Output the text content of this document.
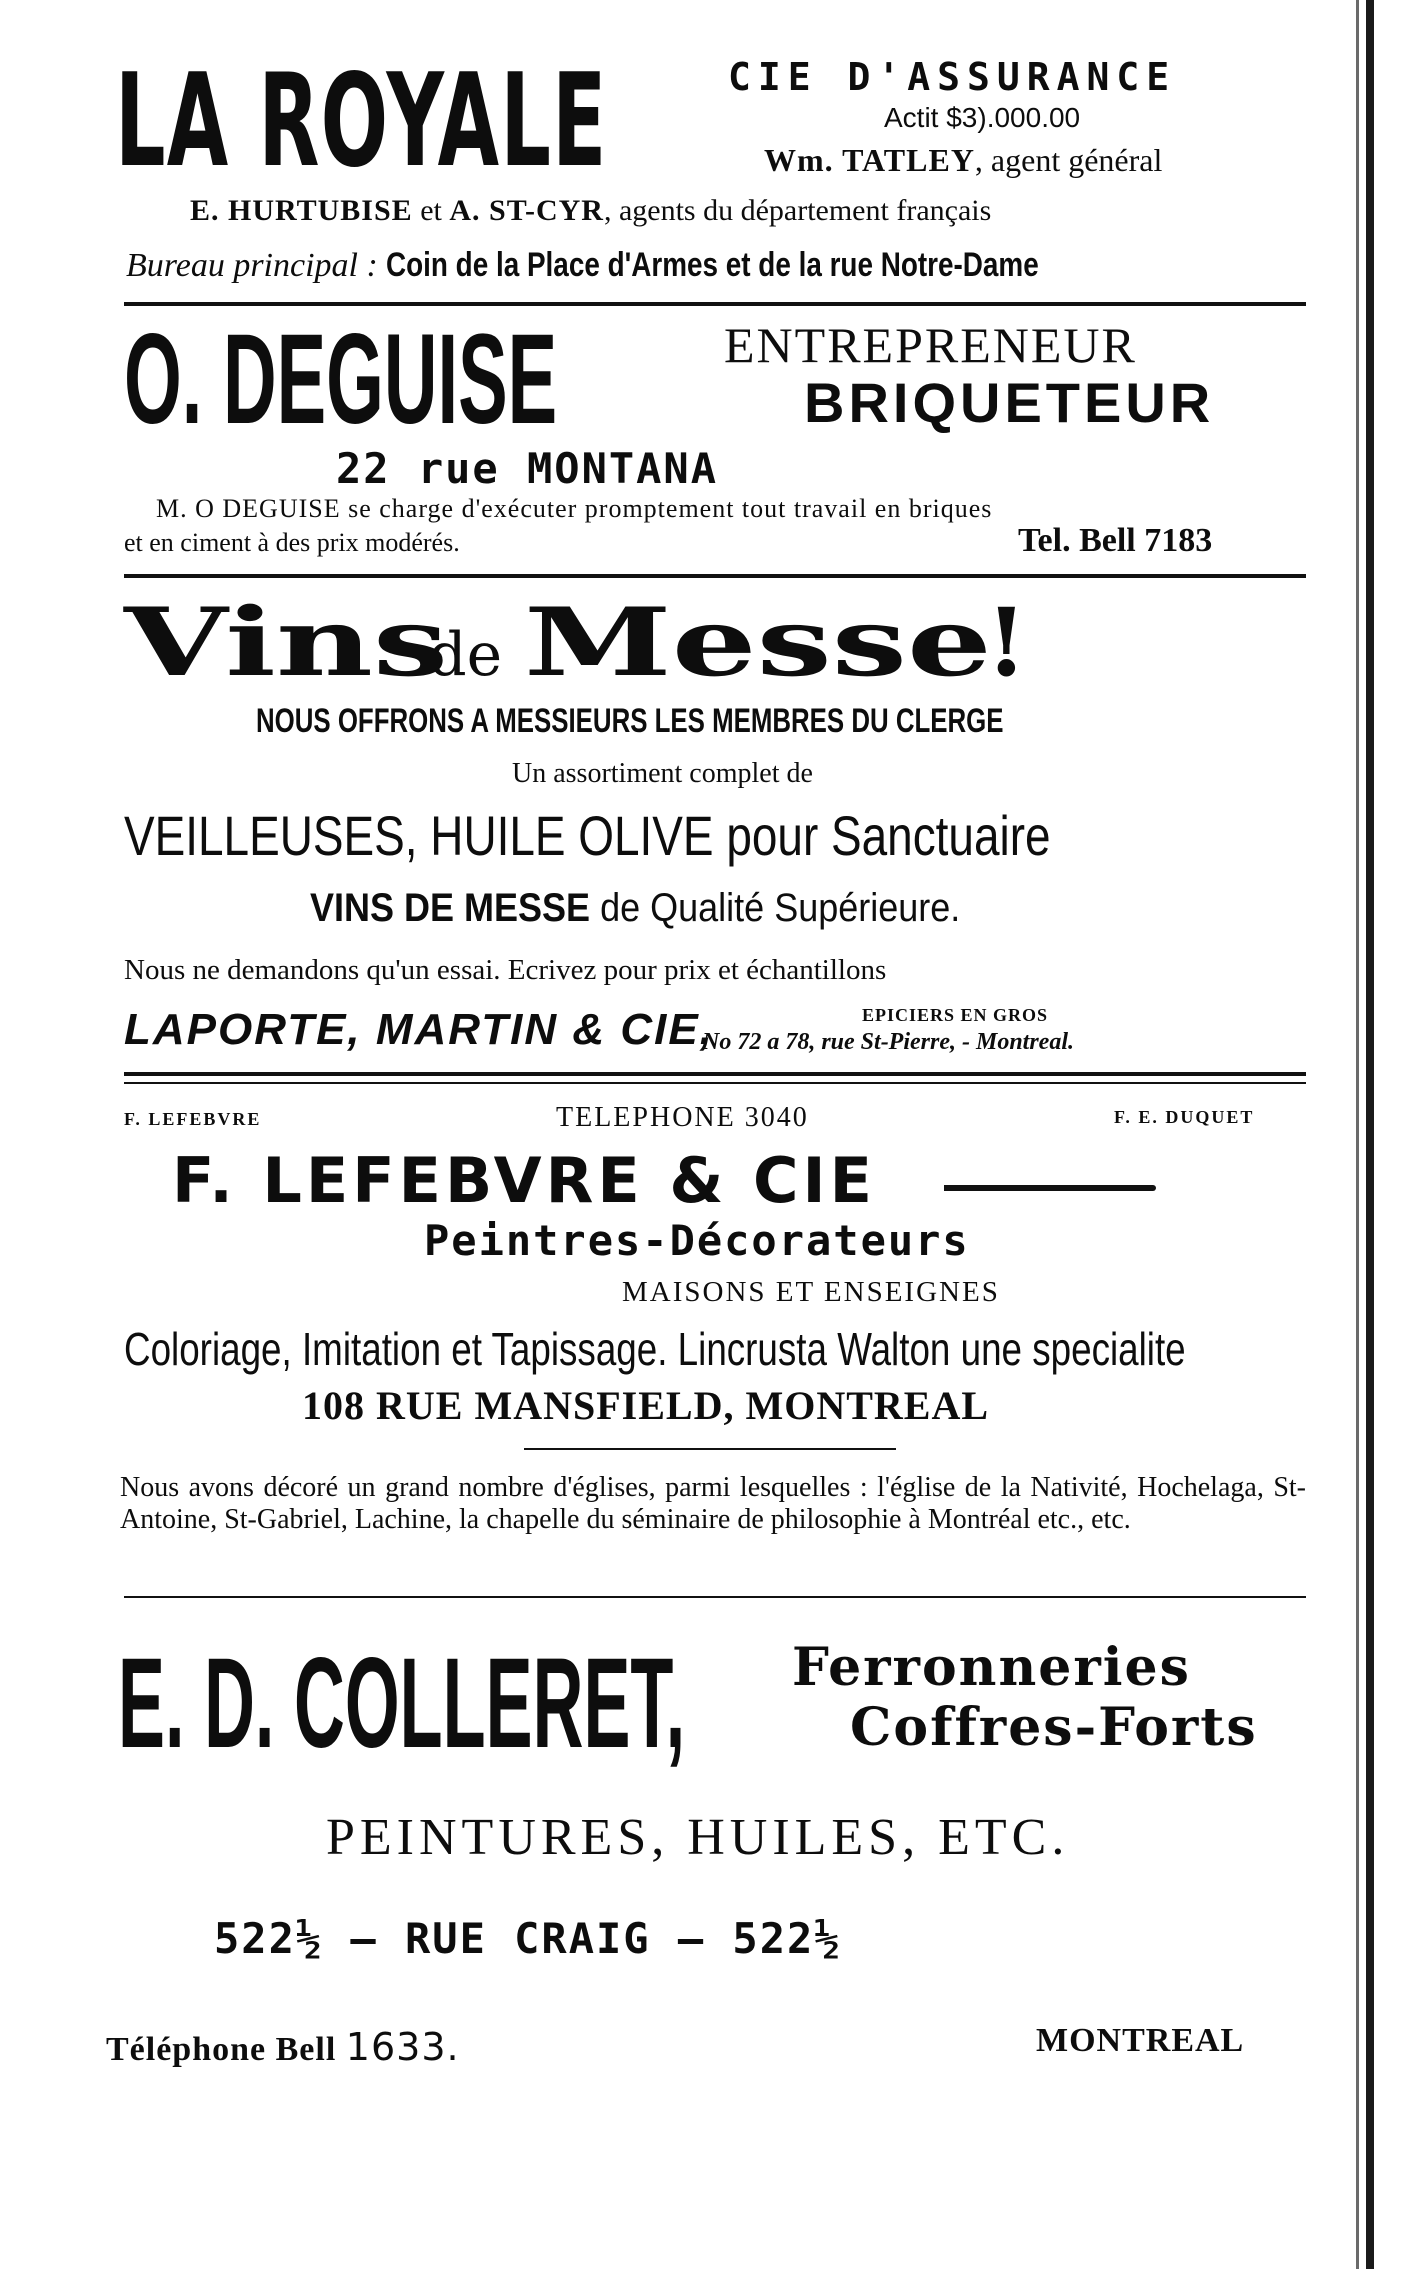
LA ROYALE	CIE D'ASSURANCE
Actit $3).000.00
Wm. TATLEY, agent général
E. HURTUBISE et A. ST-CYR, agents du département français
Bureau principal : Coin de la Place d'Armes et de la rue Notre-Dame
O. DEGUISE	ENTREPRENEUR
BRIQUETEUR
22 rue MONTANA
M. O DEGUISE se charge d'exécuter promptement tout travail en briques
et en ciment à des prix modérés.	Tel. Bell 7183
Vinsde Messe!
NOUS OFFRONS A MESSIEURS LES MEMBRES DU CLERGE
Un assortiment complet de
VEILLEUSES, HUILE OLIVE pour Sanctuaire
VINS DE MESSE de Qualité Supérieure.
Nous ne demandons qu'un essai. Ecrivez pour prix et échantillons
LAPORTE, MARTIN & CIE,	EPICIERS EN GROS
No 72 a 78, rue St-Pierre, - Montreal.
F. LEFEBVRE	TELEPHONE 3040	F. E. DUQUET
F. LEFEBVRE & CIE
Peintres-Décorateurs
MAISONS ET ENSEIGNES
Coloriage, Imitation et Tapissage. Lincrusta Walton une specialite
108 RUE MANSFIELD, MONTREAL
Nous avons décoré un grand nombre d'églises, parmi lesquelles : l'église de la Nativité, Hochelaga, St-Antoine, St-Gabriel, Lachine, la chapelle du séminaire de philosophie à Montréal etc., etc.
E. D. COLLERET,	Ferronneries
Coffres-Forts
PEINTURES, HUILES, ETC.
522½ — RUE CRAIG — 522½
Téléphone Bell 1633.	MONTREAL
